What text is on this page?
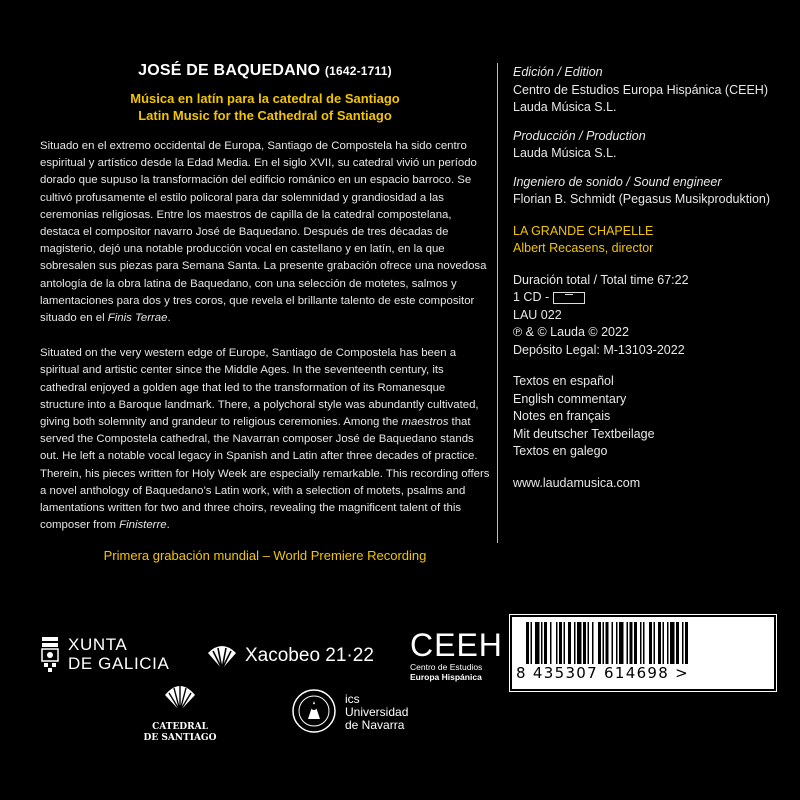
JOSÉ DE BAQUEDANO (1642-1711)
Música en latín para la catedral de Santiago
Latin Music for the Cathedral of Santiago

Situado en el extremo occidental de Europa, Santiago de Compostela ha sido centro espiritual y artístico desde la Edad Media. En el siglo XVII, su catedral vivió un período dorado que supuso la transformación del edificio románico en un espacio barroco. Se cultivó profusamente el estilo policoral para dar solemnidad y grandiosidad a las ceremonias religiosas. Entre los maestros de capilla de la catedral compostelana, destaca el compositor navarro José de Baquedano. Después de tres décadas de magisterio, dejó una notable producción vocal en castellano y en latín, en la que sobresalen sus piezas para Semana Santa. La presente grabación ofrece una novedosa antología de la obra latina de Baquedano, con una selección de motetes, salmos y lamentaciones para dos y tres coros, que revela el brillante talento de este compositor situado en el Finis Terrae.

Situated on the very western edge of Europe, Santiago de Compostela has been a spiritual and artistic center since the Middle Ages. In the seventeenth century, its cathedral enjoyed a golden age that led to the transformation of its Romanesque structure into a Baroque landmark. There, a polychoral style was abundantly cultivated, giving both solemnity and grandeur to religious ceremonies. Among the maestros that served the Compostela cathedral, the Navarran composer José de Baquedano stands out. He left a notable vocal legacy in Spanish and Latin after three decades of practice. Therein, his pieces written for Holy Week are especially remarkable. This recording offers a novel anthology of Baquedano’s Latin work, with a selection of motets, psalms and lamentations written for two and three choirs, revealing the magnificent talent of this composer from Finisterre.

Primera grabación mundial – World Premiere Recording
Edición / Edition
Centro de Estudios Europa Hispánica (CEEH)
Lauda Música S.L.
Producción / Production
Lauda Música S.L.
Ingeniero de sonido / Sound engineer
Florian B. Schmidt (Pegasus Musikproduktion)
LA GRANDE CHAPELLE
Albert Recasens, director
Duración total / Total time 67:22
1 CD -
LAU 022
℗ & © Lauda © 2022
Depósito Legal: M-13103-2022
Textos en español
English commentary
Notes en français
Mit deutscher Textbeilage
Textos en galego
www.laudamusica.com
XUNTA
DE GALICIA	Xacobeo 21·22 CEEH
Centro de Estudios
Europa Hispánica
CATEDRAL
DE SANTIAGO
ics
Universidad
de Navarra
8 435307 614698 >
